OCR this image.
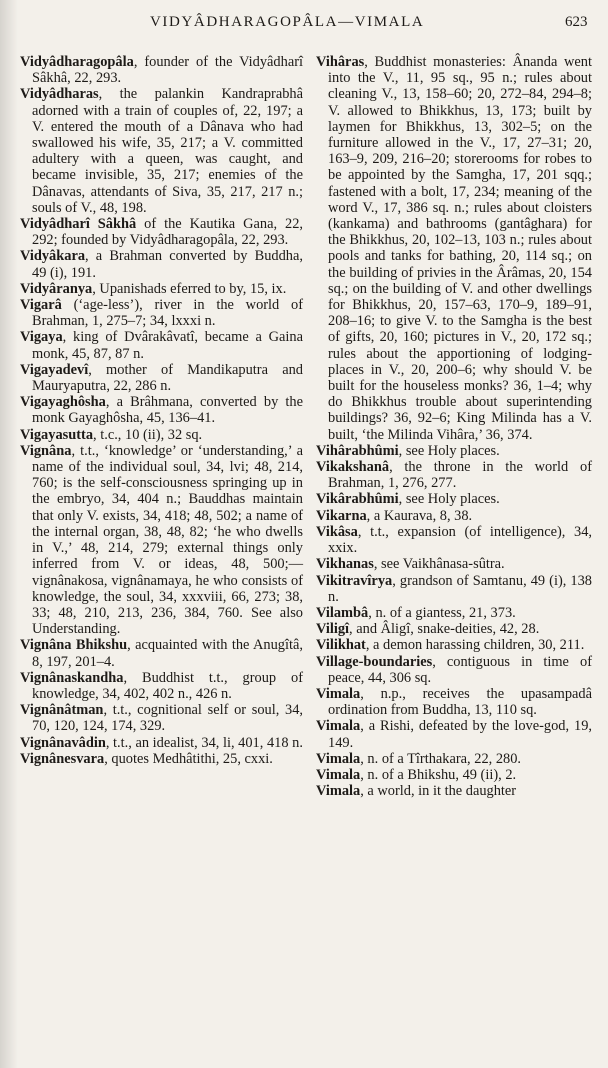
VIDYÂDHARAGOPÂLA—VIMALA	623

Vidyâdharagopâla, founder of the Vidyâdharî Sâkhâ, 22, 293.

Vidyâdharas, the palankin Kandraprabhâ adorned with a train of couples of, 22, 197; a V. entered the mouth of a Dânava who had swallowed his wife, 35, 217; a V. committed adultery with a queen, was caught, and became invisible, 35, 217; enemies of the Dânavas, attendants of Siva, 35, 217, 217 n.; souls of V., 48, 198.

Vidyâdharî Sâkhâ of the Kautika Gana, 22, 292; founded by Vidyâdharagopâla, 22, 293.

Vidyâkara, a Brahman converted by Buddha, 49 (i), 191.

Vidyâranya, Upanishads eferred to by, 15, ix.

Vigarâ (‘age-less’), river in the world of Brahman, 1, 275–7; 34, lxxxi n.

Vigaya, king of Dvârakâvatî, became a Gaina monk, 45, 87, 87 n.

Vigayadevî, mother of Mandikaputra and Mauryaputra, 22, 286 n.

Vigayaghôsha, a Brâhmana, converted by the monk Gayaghôsha, 45, 136–41.

Vigayasutta, t.c., 10 (ii), 32 sq.

Vignâna, t.t., ‘knowledge’ or ‘understanding,’ a name of the individual soul, 34, lvi; 48, 214, 760; is the self-consciousness springing up in the embryo, 34, 404 n.; Bauddhas maintain that only V. exists, 34, 418; 48, 502; a name of the internal organ, 38, 48, 82; ‘he who dwells in V.,’ 48, 214, 279; external things only inferred from V. or ideas, 48, 500;—vignânakosa, vignânamaya, he who consists of knowledge, the soul, 34, xxxviii, 66, 273; 38, 33; 48, 210, 213, 236, 384, 760. See also Understanding.

Vignâna Bhikshu, acquainted with the Anugîtâ, 8, 197, 201–4.

Vignânaskandha, Buddhist t.t., group of knowledge, 34, 402, 402 n., 426 n.

Vignânâtman, t.t., cognitional self or soul, 34, 70, 120, 124, 174, 329.

Vignânavâdin, t.t., an idealist, 34, li, 401, 418 n.

Vignânesvara, quotes Medhâtithi, 25, cxxi.

Vihâras, Buddhist monasteries: Ânanda went into the V., 11, 95 sq., 95 n.; rules about cleaning V., 13, 158–60; 20, 272–84, 294–8; V. allowed to Bhikkhus, 13, 173; built by laymen for Bhikkhus, 13, 302–5; on the furniture allowed in the V., 17, 27–31; 20, 163–9, 209, 216–20; storerooms for robes to be appointed by the Samgha, 17, 201 sqq.; fastened with a bolt, 17, 234; meaning of the word V., 17, 386 sq. n.; rules about cloisters (kankama) and bathrooms (gantâghara) for the Bhikkhus, 20, 102–13, 103 n.; rules about pools and tanks for bathing, 20, 114 sq.; on the building of privies in the Ârâmas, 20, 154 sq.; on the building of V. and other dwellings for Bhikkhus, 20, 157–63, 170–9, 189–91, 208–16; to give V. to the Samgha is the best of gifts, 20, 160; pictures in V., 20, 172 sq.; rules about the apportioning of lodging-places in V., 20, 200–6; why should V. be built for the houseless monks? 36, 1–4; why do Bhikkhus trouble about superintending buildings? 36, 92–6; King Milinda has a V. built, ‘the Milinda Vihâra,’ 36, 374.

Vihârabhûmi, see Holy places.

Vikakshanâ, the throne in the world of Brahman, 1, 276, 277.

Vikârabhûmi, see Holy places.

Vikarna, a Kaurava, 8, 38.

Vikâsa, t.t., expansion (of intelligence), 34, xxix.

Vikhanas, see Vaikhânasa-sûtra.

Vikitravîrya, grandson of Samtanu, 49 (i), 138 n.

Vilambâ, n. of a giantess, 21, 373.

Viligî, and Âligî, snake-deities, 42, 28.

Vilikhat, a demon harassing children, 30, 211.

Village-boundaries, contiguous in time of peace, 44, 306 sq.

Vimala, n.p., receives the upasampadâ ordination from Buddha, 13, 110 sq.

Vimala, a Rishi, defeated by the love-god, 19, 149.

Vimala, n. of a Tîrthakara, 22, 280.

Vimala, n. of a Bhikshu, 49 (ii), 2.

Vimala, a world, in it the daughter
